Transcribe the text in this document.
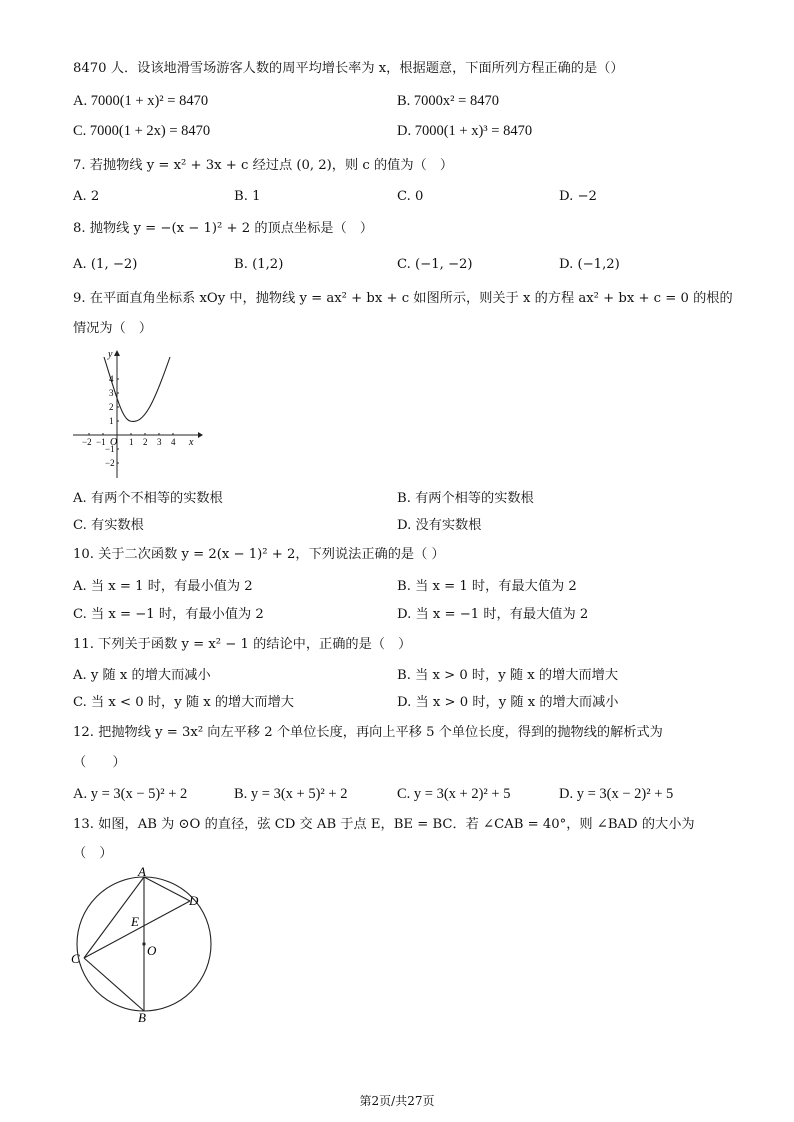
8470 人．设该地滑雪场游客人数的周平均增长率为 x，根据题意，下面所列方程正确的是（）
A. 7000(1 + x)² = 8470	B. 7000x² = 8470
C. 7000(1 + 2x) = 8470	D. 7000(1 + x)³ = 8470
7. 若抛物线 y = x² + 3x + c 经过点 (0, 2)，则 c 的值为（　）
A. 2	B. 1	C. 0	D. −2
8. 抛物线 y = −(x − 1)² + 2 的顶点坐标是（　）
A. (1, −2)	B. (1,2)	C. (−1, −2)	D. (−1,2)
9. 在平面直角坐标系 xOy 中，抛物线 y = ax² + bx + c 如图所示，则关于 x 的方程 ax² + bx + c = 0 的根的
情况为（　）
y
x
O
−2 −1	1 2 3 4
4
3
2
1
−1
−2
A. 有两个不相等的实数根	B. 有两个相等的实数根
C. 有实数根	D. 没有实数根
10. 关于二次函数 y = 2(x − 1)² + 2，下列说法正确的是（ ）
A. 当 x = 1 时，有最小值为 2	B. 当 x = 1 时，有最大值为 2
C. 当 x = −1 时，有最小值为 2	D. 当 x = −1 时，有最大值为 2
11. 下列关于函数 y = x² − 1 的结论中，正确的是（　）
A. y 随 x 的增大而减小	B. 当 x > 0 时，y 随 x 的增大而增大
C. 当 x < 0 时，y 随 x 的增大而增大	D. 当 x > 0 时，y 随 x 的增大而减小
12. 把抛物线 y = 3x² 向左平移 2 个单位长度，再向上平移 5 个单位长度，得到的抛物线的解析式为
（　　）
A. y = 3(x − 5)² + 2	B. y = 3(x + 5)² + 2	C. y = 3(x + 2)² + 5	D. y = 3(x − 2)² + 5
13. 如图，AB 为 ⊙O 的直径，弦 CD 交 AB 于点 E，BE = BC．若 ∠CAB = 40°，则 ∠BAD 的大小为
（　）
A
B
C
D
E
O
第2页/共27页
